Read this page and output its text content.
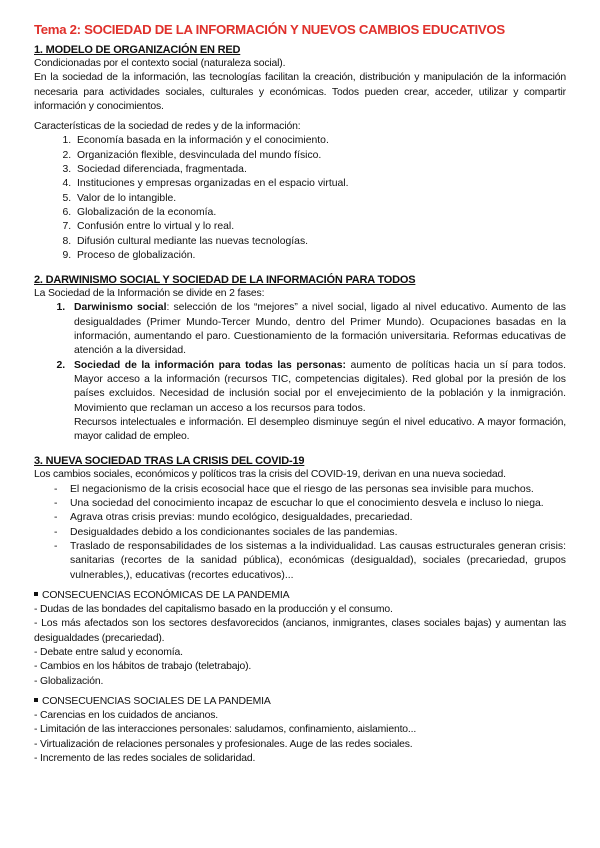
Tema 2: SOCIEDAD DE LA INFORMACIÓN Y NUEVOS CAMBIOS EDUCATIVOS
1. MODELO DE ORGANIZACIÓN EN RED

Condicionadas por el contexto social (naturaleza social).

En la sociedad de la información, las tecnologías facilitan la creación, distribución y manipulación de la información necesaria para actividades sociales, culturales y económicas. Todos pueden crear, acceder, utilizar y compartir información y conocimientos.

Características de la sociedad de redes y de la información:

1. Economía basada en la información y el conocimiento.
2. Organización flexible, desvinculada del mundo físico.
3. Sociedad diferenciada, fragmentada.
4. Instituciones y empresas organizadas en el espacio virtual.
5. Valor de lo intangible.
6. Globalización de la economía.
7. Confusión entre lo virtual y lo real.
8. Difusión cultural mediante las nuevas tecnologías.
9. Proceso de globalización.
2. DARWINISMO SOCIAL Y SOCIEDAD DE LA INFORMACIÓN PARA TODOS

La Sociedad de la Información se divide en 2 fases:

1. Darwinismo social: selección de los “mejores” a nivel social, ligado al nivel educativo. Aumento de las desigualdades (Primer Mundo-Tercer Mundo, dentro del Primer Mundo). Ocupaciones basadas en la información, aumentando el paro. Cuestionamiento de la formación universitaria. Reformas educativas de atención a la diversidad.
2. Sociedad de la información para todas las personas: aumento de políticas hacia un sí para todos. Mayor acceso a la información (recursos TIC, competencias digitales). Red global por la presión de los países excluidos. Necesidad de inclusión social por el envejecimiento de la población y la inmigración. Movimiento que reclaman un acceso a los recursos para todos.

Recursos intelectuales e información. El desempleo disminuye según el nivel educativo. A mayor formación, mayor calidad de empleo.

3. NUEVA SOCIEDAD TRAS LA CRISIS DEL COVID-19

Los cambios sociales, económicos y políticos tras la crisis del COVID-19, derivan en una nueva sociedad.

- El negacionismo de la crisis ecosocial hace que el riesgo de las personas sea invisible para muchos.
- Una sociedad del conocimiento incapaz de escuchar lo que el conocimiento desvela e incluso lo niega.
- Agrava otras crisis previas: mundo ecológico, desigualdades, precariedad.
- Desigualdades debido a los condicionantes sociales de las pandemias.
- Traslado de responsabilidades de los sistemas a la individualidad. Las causas estructurales generan crisis: sanitarias (recortes de la sanidad pública), económicas (desigualdad), sociales (precariedad, grupos vulnerables,), educativas (recortes educativos)...
CONSECUENCIAS ECONÓMICAS DE LA PANDEMIA

- Dudas de las bondades del capitalismo basado en la producción y el consumo.

- Los más afectados son los sectores desfavorecidos (ancianos, inmigrantes, clases sociales bajas) y aumentan las desigualdades (precariedad).

- Debate entre salud y economía.

- Cambios en los hábitos de trabajo (teletrabajo).

- Globalización.

CONSECUENCIAS SOCIALES DE LA PANDEMIA

- Carencias en los cuidados de ancianos.

- Limitación de las interacciones personales: saludamos, confinamiento, aislamiento...

- Virtualización de relaciones personales y profesionales. Auge de las redes sociales.

- Incremento de las redes sociales de solidaridad.
